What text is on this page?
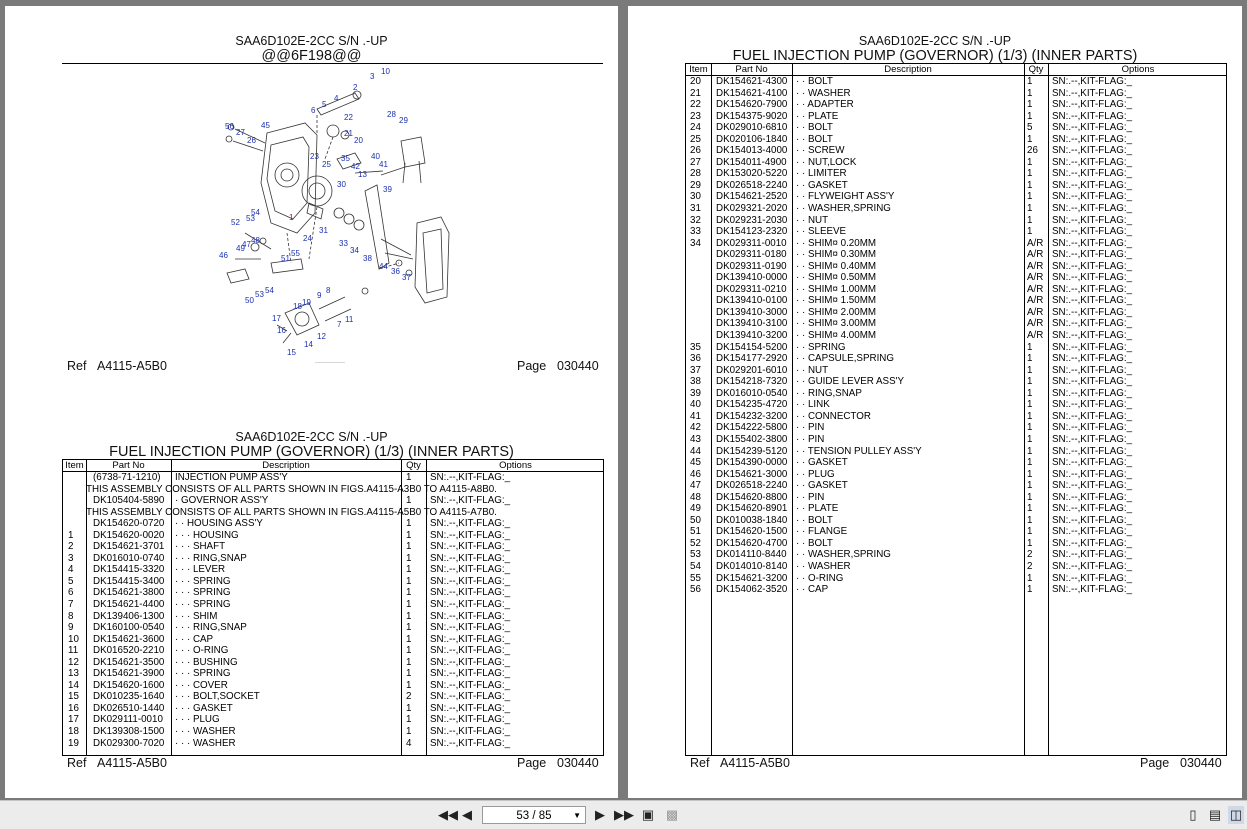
SAA6D102E-2CC S/N .-UP
@@6F198@@
10
3
2
4
5
6	28
29
22
21
20
56
27
45
26
23
25
35	40
41
42
13
30
39
1
54
53
52
48
47
49
46
24
31
33
34
38
55
51
44
36
37
8
9
18 19
17
16
14
15
12
7
11
50
53 54
Ref A4115-A5B0	Page 030440
SAA6D102E-2CC S/N .-UP
FUEL INJECTION PUMP (GOVERNOR) (1/3) (INNER PARTS)
Item	Part No	Description	Qty	Options
(6738-71-1210) INJECTION PUMP ASS'Y	1 SN:.--,KIT-FLAG:_
THIS ASSEMBLY CONSISTS OF ALL PARTS SHOWN IN FIGS.A4115-A3B0 TO A4115-A8B0.
DK105404-5890 · GOVERNOR ASS'Y	1 SN:.--,KIT-FLAG:_
THIS ASSEMBLY CONSISTS OF ALL PARTS SHOWN IN FIGS.A4115-A5B0 TO A4115-A7B0.
DK154620-0720 · · HOUSING ASS'Y	1 SN:.--,KIT-FLAG:_
1 DK154620-0020 · · · HOUSING	1 SN:.--,KIT-FLAG:_
2 DK154621-3701 · · · SHAFT	1 SN:.--,KIT-FLAG:_
3 DK016010-0740 · · · RING,SNAP	1 SN:.--,KIT-FLAG:_
4 DK154415-3320 · · · LEVER	1 SN:.--,KIT-FLAG:_
5 DK154415-3400 · · · SPRING	1 SN:.--,KIT-FLAG:_
6 DK154621-3800 · · · SPRING	1 SN:.--,KIT-FLAG:_
7 DK154621-4400 · · · SPRING	1 SN:.--,KIT-FLAG:_
8 DK139406-1300 · · · SHIM	1 SN:.--,KIT-FLAG:_
9 DK160100-0540 · · · RING,SNAP	1 SN:.--,KIT-FLAG:_
10 DK154621-3600 · · · CAP	1 SN:.--,KIT-FLAG:_
11 DK016520-2210 · · · O-RING	1 SN:.--,KIT-FLAG:_
12 DK154621-3500 · · · BUSHING	1 SN:.--,KIT-FLAG:_
13 DK154621-3900 · · · SPRING	1 SN:.--,KIT-FLAG:_
14 DK154620-1600 · · · COVER	1 SN:.--,KIT-FLAG:_
15 DK010235-1640 · · · BOLT,SOCKET	2 SN:.--,KIT-FLAG:_
16 DK026510-1440 · · · GASKET	1 SN:.--,KIT-FLAG:_
17 DK029111-0010 · · · PLUG	1 SN:.--,KIT-FLAG:_
18 DK139308-1500 · · · WASHER	1 SN:.--,KIT-FLAG:_
19 DK029300-7020 · · · WASHER	4 SN:.--,KIT-FLAG:_
Ref A4115-A5B0	Page 030440
SAA6D102E-2CC S/N .-UP
FUEL INJECTION PUMP (GOVERNOR) (1/3) (INNER PARTS)
Item	Part No	Description	Qty	Options
20 DK154621-4300 · · BOLT	1 SN:.--,KIT-FLAG:_
21 DK154621-4100 · · WASHER	1 SN:.--,KIT-FLAG:_
22 DK154620-7900 · · ADAPTER	1 SN:.--,KIT-FLAG:_
23 DK154375-9020 · · PLATE	1 SN:.--,KIT-FLAG:_
24 DK029010-6810 · · BOLT	5 SN:.--,KIT-FLAG:_
25 DK020106-1840 · · BOLT	1 SN:.--,KIT-FLAG:_
26 DK154013-4000 · · SCREW	26 SN:.--,KIT-FLAG:_
27 DK154011-4900 · · NUT,LOCK	1 SN:.--,KIT-FLAG:_
28 DK153020-5220 · · LIMITER	1 SN:.--,KIT-FLAG:_
29 DK026518-2240 · · GASKET	1 SN:.--,KIT-FLAG:_
30 DK154621-2520 · · FLYWEIGHT ASS'Y	1 SN:.--,KIT-FLAG:_
31 DK029321-2020 · · WASHER,SPRING	1 SN:.--,KIT-FLAG:_
32 DK029231-2030 · · NUT	1 SN:.--,KIT-FLAG:_
33 DK154123-2320 · · SLEEVE	1 SN:.--,KIT-FLAG:_
34 DK029311-0010 · · SHIM¤ 0.20MM	A/R SN:.--,KIT-FLAG:_
DK029311-0180 · · SHIM¤ 0.30MM	A/R SN:.--,KIT-FLAG:_
DK029311-0190 · · SHIM¤ 0.40MM	A/R SN:.--,KIT-FLAG:_
DK139410-0000 · · SHIM¤ 0.50MM	A/R SN:.--,KIT-FLAG:_
DK029311-0210 · · SHIM¤ 1.00MM	A/R SN:.--,KIT-FLAG:_
DK139410-0100 · · SHIM¤ 1.50MM	A/R SN:.--,KIT-FLAG:_
DK139410-3000 · · SHIM¤ 2.00MM	A/R SN:.--,KIT-FLAG:_
DK139410-3100 · · SHIM¤ 3.00MM	A/R SN:.--,KIT-FLAG:_
DK139410-3200 · · SHIM¤ 4.00MM	A/R SN:.--,KIT-FLAG:_
35 DK154154-5200 · · SPRING	1 SN:.--,KIT-FLAG:_
36 DK154177-2920 · · CAPSULE,SPRING	1 SN:.--,KIT-FLAG:_
37 DK029201-6010 · · NUT	1 SN:.--,KIT-FLAG:_
38 DK154218-7320 · · GUIDE LEVER ASS'Y	1 SN:.--,KIT-FLAG:_
39 DK016010-0540 · · RING,SNAP	1 SN:.--,KIT-FLAG:_
40 DK154235-4720 · · LINK	1 SN:.--,KIT-FLAG:_
41 DK154232-3200 · · CONNECTOR	1 SN:.--,KIT-FLAG:_
42 DK154222-5800 · · PIN	1 SN:.--,KIT-FLAG:_
43 DK155402-3800 · · PIN	1 SN:.--,KIT-FLAG:_
44 DK154239-5120 · · TENSION PULLEY ASS'Y	1 SN:.--,KIT-FLAG:_
45 DK154390-0000 · · GASKET	1 SN:.--,KIT-FLAG:_
46 DK154621-3000 · · PLUG	1 SN:.--,KIT-FLAG:_
47 DK026518-2240 · · GASKET	1 SN:.--,KIT-FLAG:_
48 DK154620-8800 · · PIN	1 SN:.--,KIT-FLAG:_
49 DK154620-8901 · · PLATE	1 SN:.--,KIT-FLAG:_
50 DK010038-1840 · · BOLT	1 SN:.--,KIT-FLAG:_
51 DK154620-1500 · · FLANGE	1 SN:.--,KIT-FLAG:_
52 DK154620-4700 · · BOLT	1 SN:.--,KIT-FLAG:_
53 DK014110-8440 · · WASHER,SPRING	2 SN:.--,KIT-FLAG:_
54 DK014010-8140 · · WASHER	2 SN:.--,KIT-FLAG:_
55 DK154621-3200 · · O-RING	1 SN:.--,KIT-FLAG:_
56 DK154062-3520 · · CAP	1 SN:.--,KIT-FLAG:_
Ref A4115-A5B0	Page 030440
◀◀ ◀	53 / 85	▼ ▶ ▶▶ ▣ ▩	▯ ▤ ◫
